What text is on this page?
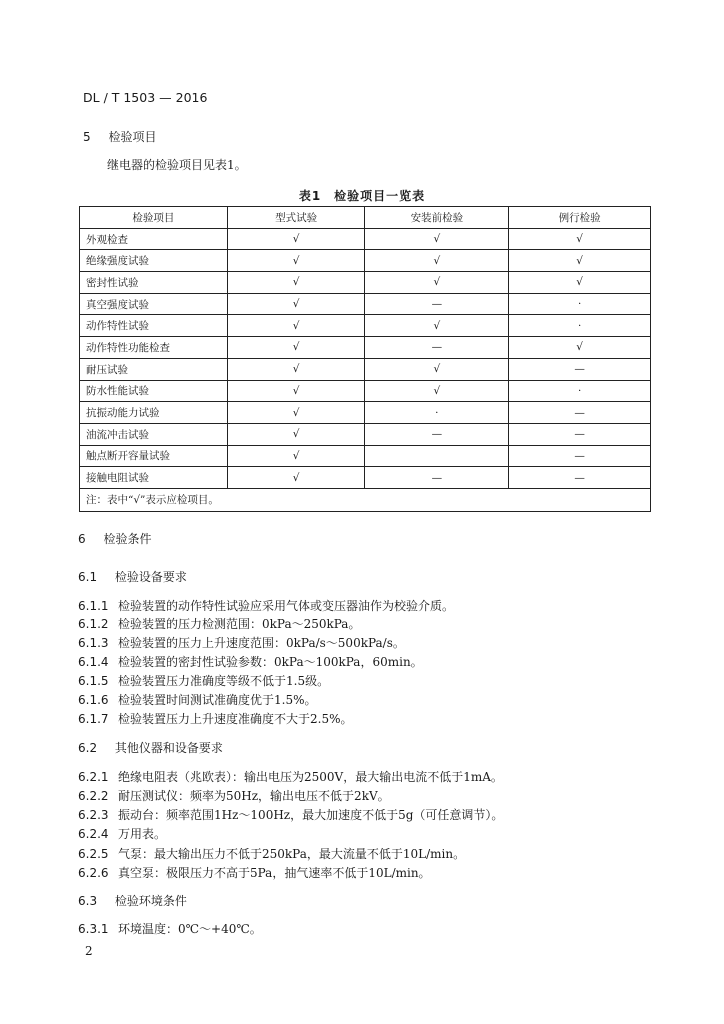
DL / T 1503 — 2016
5 检验项目
继电器的检验项目见表1。
表1　检验项目一览表
检验项目	型式试验	安装前检验	例行检验
外观检查	√	√	√
绝缘强度试验	√	√	√
密封性试验	√	√	√
真空强度试验	√	—	·
动作特性试验	√	√	·
动作特性功能检查	√	—	√
耐压试验	√	√	—
防水性能试验	√	√	·
抗振动能力试验	√	·	—
油流冲击试验	√	—	—
触点断开容量试验	√		—
接触电阻试验	√	—	—
注：表中“√”表示应检项目。			
6 检验条件
6.1 检验设备要求
6.1.1 检验装置的动作特性试验应采用气体或变压器油作为校验介质。
6.1.2 检验装置的压力检测范围：0kPa～250kPa。
6.1.3 检验装置的压力上升速度范围：0kPa/s～500kPa/s。
6.1.4 检验装置的密封性试验参数：0kPa～100kPa，60min。
6.1.5 检验装置压力准确度等级不低于1.5级。
6.1.6 检验装置时间测试准确度优于1.5%。
6.1.7 检验装置压力上升速度准确度不大于2.5%。
6.2 其他仪器和设备要求
6.2.1 绝缘电阻表（兆欧表）：输出电压为2500V，最大输出电流不低于1mA。
6.2.2 耐压测试仪：频率为50Hz，输出电压不低于2kV。
6.2.3 振动台：频率范围1Hz～100Hz，最大加速度不低于5g（可任意调节）。
6.2.4 万用表。
6.2.5 气泵：最大输出压力不低于250kPa，最大流量不低于10L/min。
6.2.6 真空泵：极限压力不高于5Pa，抽气速率不低于10L/min。
6.3 检验环境条件
6.3.1 环境温度：0℃～+40℃。
2
